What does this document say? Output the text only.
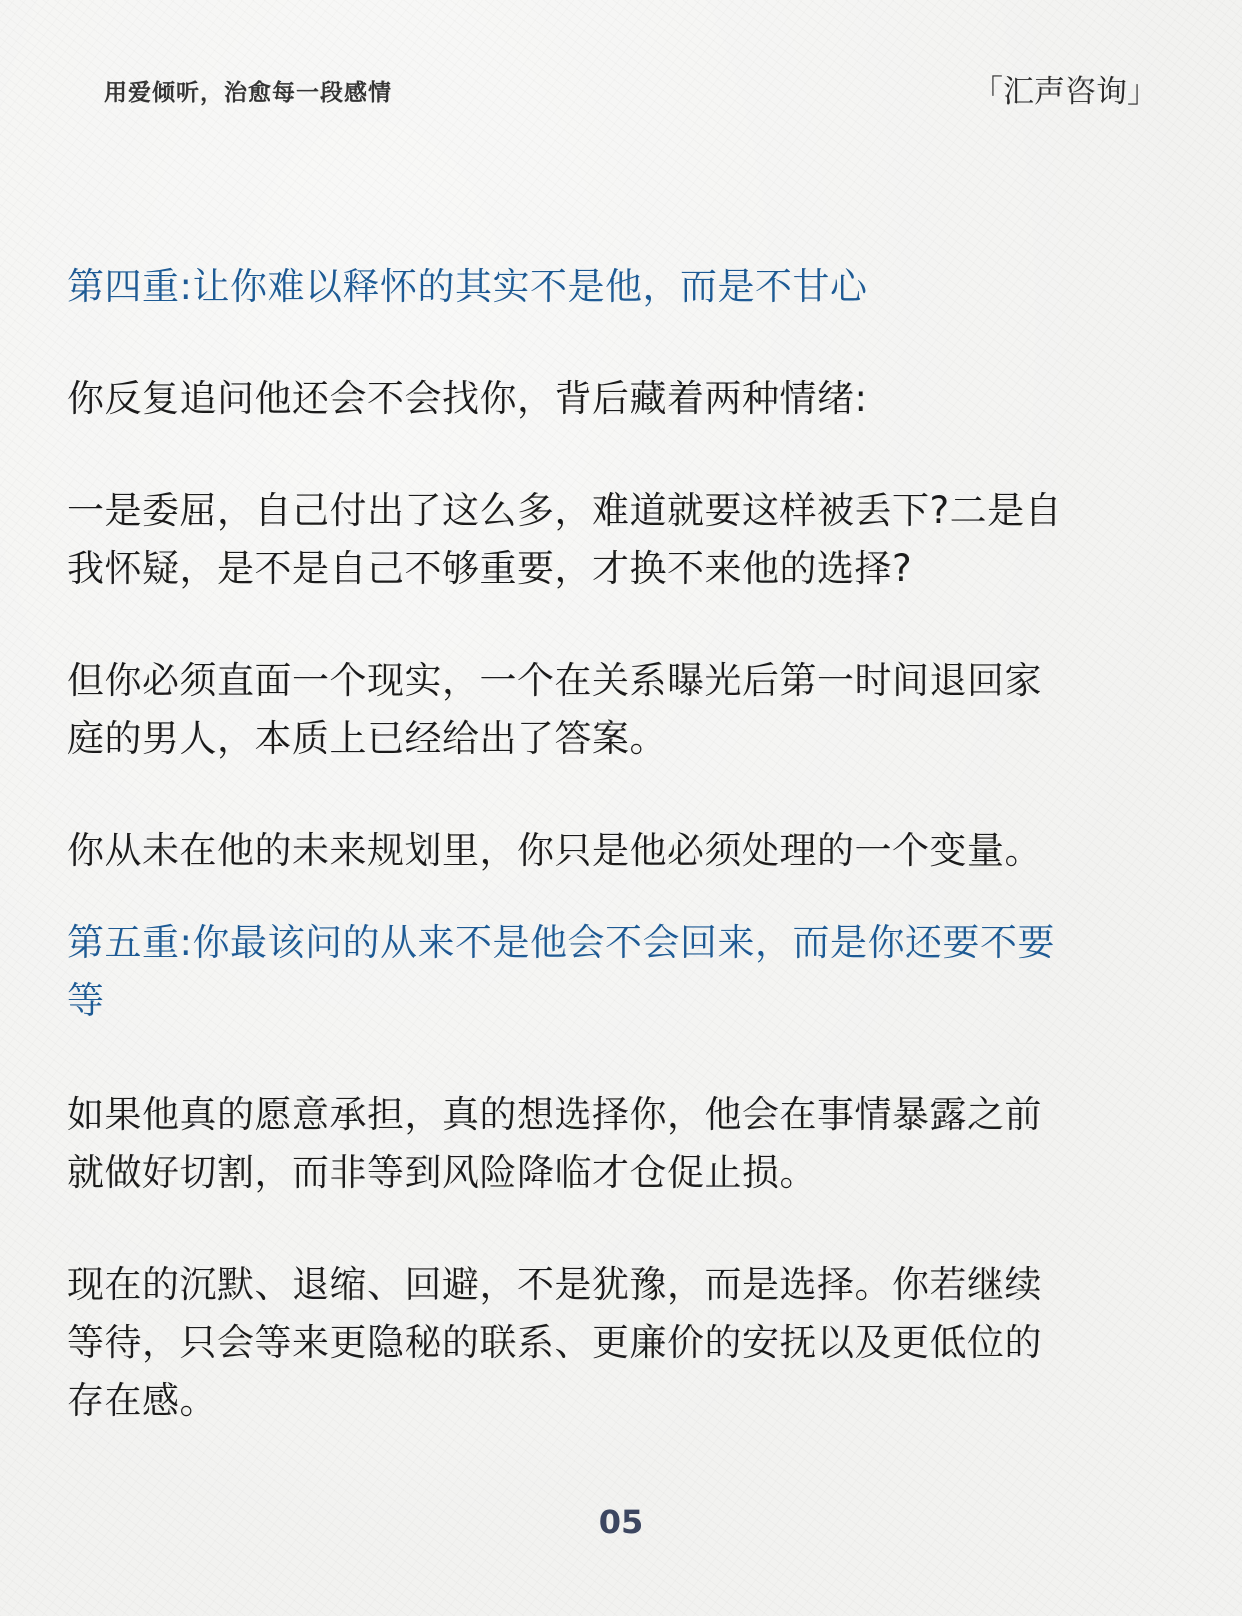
用爱倾听，治愈每一段感情	「汇声咨询」

第四重:让你难以释怀的其实不是他，而是不甘心

你反复追问他还会不会找你，背后藏着两种情绪:

一是委屈，自己付出了这么多，难道就要这样被丢下?二是自

我怀疑，是不是自己不够重要，才换不来他的选择?

但你必须直面一个现实，一个在关系曝光后第一时间退回家

庭的男人，本质上已经给出了答案。

你从未在他的未来规划里，你只是他必须处理的一个变量。

第五重:你最该问的从来不是他会不会回来，而是你还要不要

等

如果他真的愿意承担，真的想选择你，他会在事情暴露之前

就做好切割，而非等到风险降临才仓促止损。

现在的沉默、退缩、回避，不是犹豫，而是选择。你若继续

等待，只会等来更隐秘的联系、更廉价的安抚以及更低位的

存在感。

05
